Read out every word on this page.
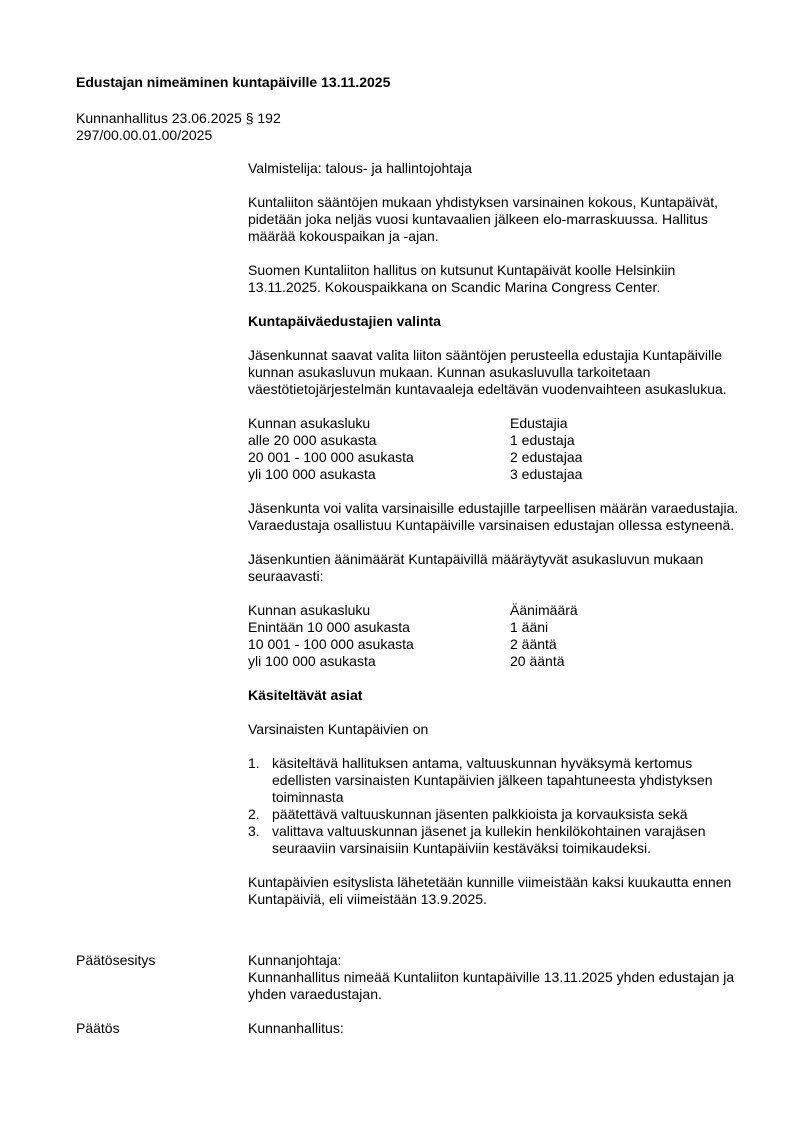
Edustajan nimeäminen kuntapäiville 13.11.2025
Kunnanhallitus 23.06.2025 § 192
297/00.00.01.00/2025

Valmistelija: talous- ja hallintojohtaja

Kuntaliiton sääntöjen mukaan yhdistyksen varsinainen kokous, Kuntapäivät, pidetään joka neljäs vuosi kuntavaalien jälkeen elo-marraskuussa. Hallitus määrää kokouspaikan ja -ajan.

Suomen Kuntaliiton hallitus on kutsunut Kuntapäivät koolle Helsinkiin 13.11.2025. Kokouspaikkana on Scandic Marina Congress Center.

Kuntapäiväedustajien valinta

Jäsenkunnat saavat valita liiton sääntöjen perusteella edustajia Kuntapäiville kunnan asukasluvun mukaan. Kunnan asukasluvulla tarkoitetaan väestötietojärjestelmän kuntavaaleja edeltävän vuodenvaihteen asukaslukua.

Kunnan asukasluku	Edustajia
alle 20 000 asukasta	1 edustaja
20 001 - 100 000 asukasta	2 edustajaa
yli 100 000 asukasta	3 edustajaa

Jäsenkunta voi valita varsinaisille edustajille tarpeellisen määrän varaedustajia. Varaedustaja osallistuu Kuntapäiville varsinaisen edustajan ollessa estyneenä.

Jäsenkuntien äänimäärät Kuntapäivillä määräytyvät asukasluvun mukaan seuraavasti:

Kunnan asukasluku	Äänimäärä
Enintään 10 000 asukasta	1 ääni
10 001 - 100 000 asukasta	2 ääntä
yli 100 000 asukasta	20 ääntä
Käsiteltävät asiat

Varsinaisten Kuntapäivien on

1. käsiteltävä hallituksen antama, valtuuskunnan hyväksymä kertomus edellisten varsinaisten Kuntapäivien jälkeen tapahtuneesta yhdistyksen toiminnasta
2. päätettävä valtuuskunnan jäsenten palkkioista ja korvauksista sekä
3. valittava valtuuskunnan jäsenet ja kullekin henkilökohtainen varajäsen seuraaviin varsinaisiin Kuntapäiviin kestäväksi toimikaudeksi.

Kuntapäivien esityslista lähetetään kunnille viimeistään kaksi kuukautta ennen Kuntapäiviä, eli viimeistään 13.9.2025.

Päätösesitys	Kunnanjohtaja:
Kunnanhallitus nimeää Kuntaliiton kuntapäiville 13.11.2025 yhden edustajan ja yhden varaedustajan.
Päätös	Kunnanhallitus:
